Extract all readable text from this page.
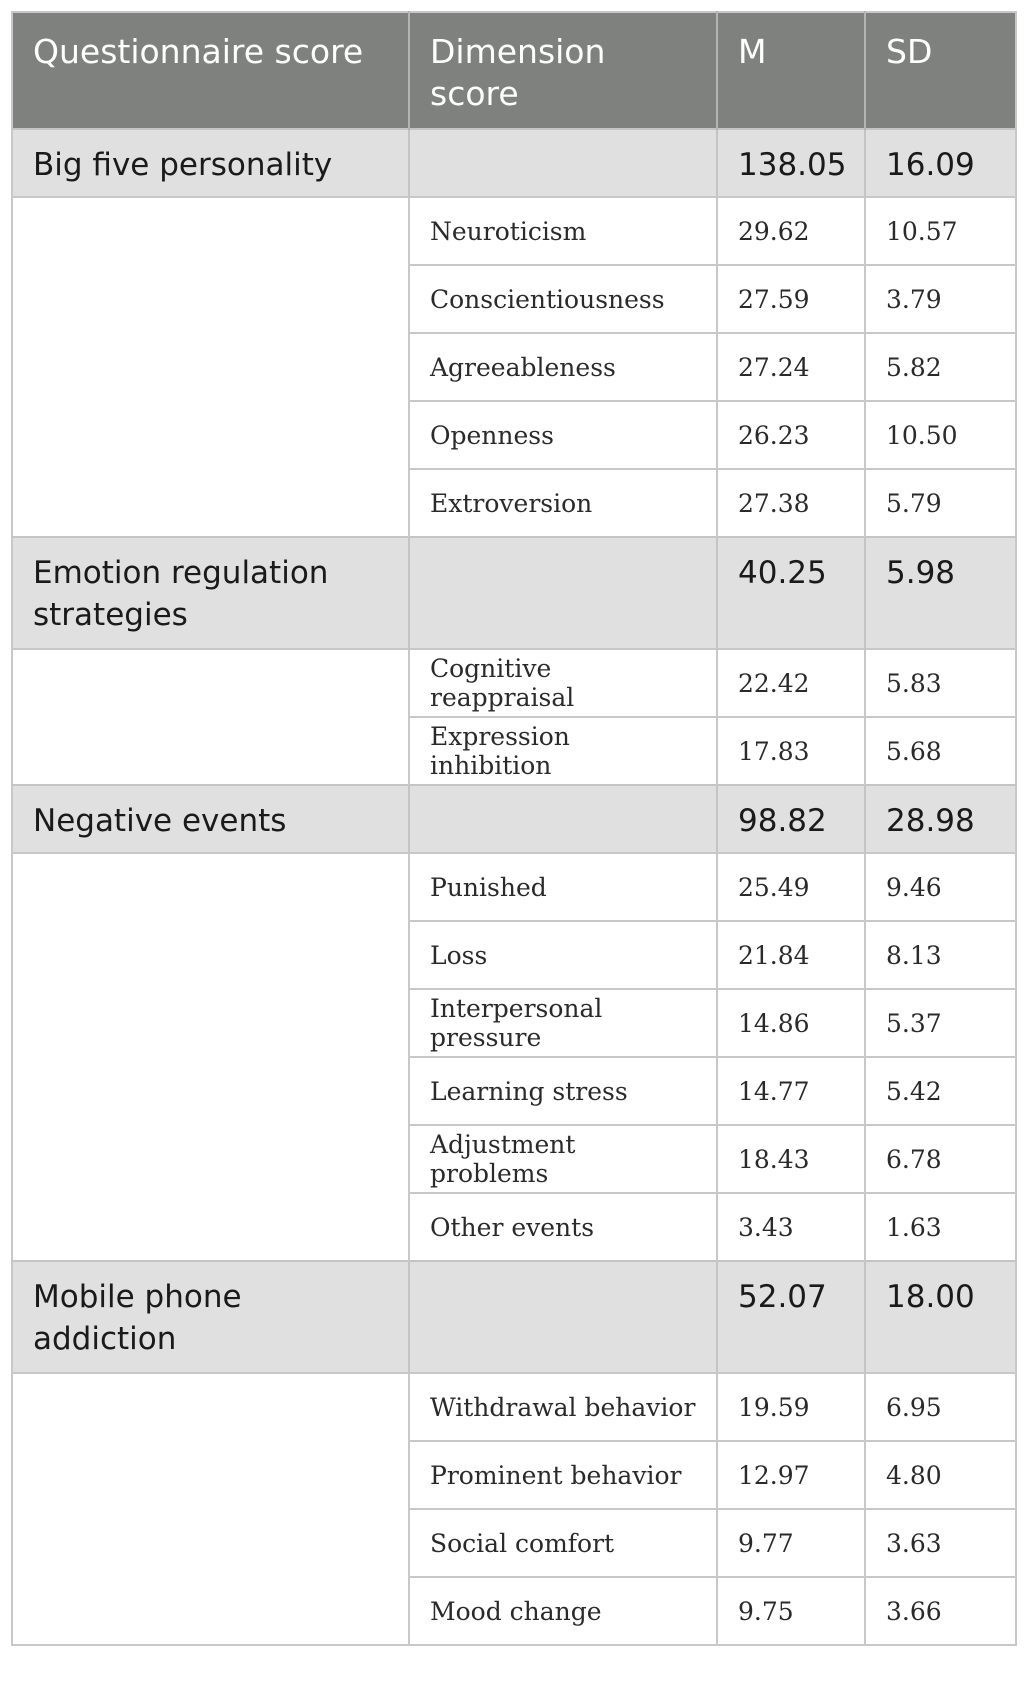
Questionnaire score	Dimension score	M	SD
Big five personality		138.05	16.09
	Neuroticism	29.62	10.57
	Conscientiousness	27.59	3.79
	Agreeableness	27.24	5.82
	Openness	26.23	10.50
	Extroversion	27.38	5.79
Emotion regulation strategies		40.25	5.98
	Cognitive reappraisal	22.42	5.83
	Expression inhibition	17.83	5.68
Negative events		98.82	28.98
	Punished	25.49	9.46
	Loss	21.84	8.13
	Interpersonal pressure	14.86	5.37
	Learning stress	14.77	5.42
	Adjustment problems	18.43	6.78
	Other events	3.43	1.63
Mobile phone addiction		52.07	18.00
	Withdrawal behavior	19.59	6.95
	Prominent behavior	12.97	4.80
	Social comfort	9.77	3.63
	Mood change	9.75	3.66
